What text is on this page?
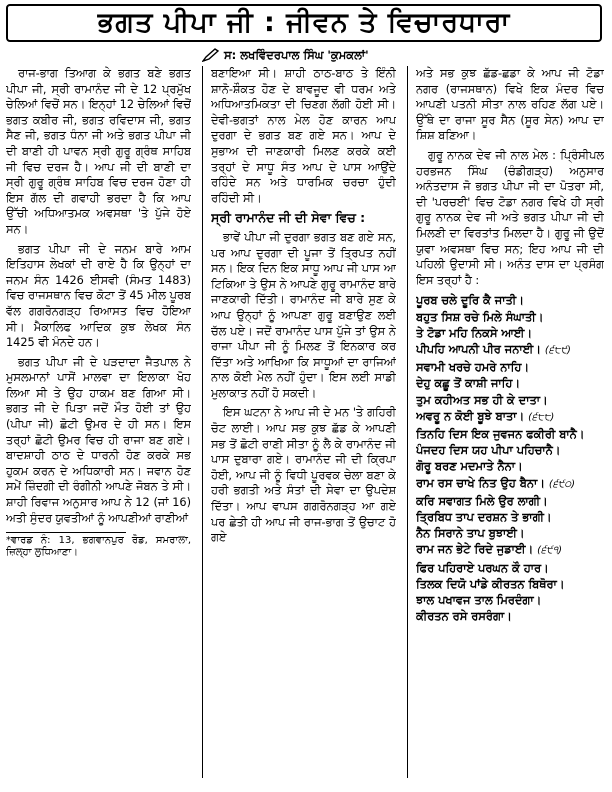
ਭਗਤ ਪੀਪਾ ਜੀ : ਜੀਵਨ ਤੇ ਵਿਚਾਰਧਾਰਾ
ਸ: ਲਖਵਿੰਦਰਪਾਲ ਸਿੰਘ 'ਕੁਮਕਲਾਂ'

ਰਾਜ-ਭਾਗ ਤਿਆਗ ਕੇ ਭਗਤ ਬਣੇ ਭਗਤ ਪੀਪਾ ਜੀ, ਸ੍ਰੀ ਰਾਮਾਨੰਦ ਜੀ ਦੇ 12 ਪ੍ਰਮੁੱਖ ਚੇਲਿਆਂ ਵਿਚੋਂ ਸਨ। ਇਨ੍ਹਾਂ 12 ਚੇਲਿਆਂ ਵਿਚੋਂ ਭਗਤ ਕਬੀਰ ਜੀ, ਭਗਤ ਰਵਿਦਾਸ ਜੀ, ਭਗਤ ਸੈਣ ਜੀ, ਭਗਤ ਧੰਨਾ ਜੀ ਅਤੇ ਭਗਤ ਪੀਪਾ ਜੀ ਦੀ ਬਾਣੀ ਹੀ ਪਾਵਨ ਸ੍ਰੀ ਗੁਰੂ ਗ੍ਰੰਥ ਸਾਹਿਬ ਜੀ ਵਿਚ ਦਰਜ ਹੈ। ਆਪ ਜੀ ਦੀ ਬਾਣੀ ਦਾ ਸ੍ਰੀ ਗੁਰੂ ਗ੍ਰੰਥ ਸਾਹਿਬ ਵਿਚ ਦਰਜ ਹੋਣਾ ਹੀ ਇਸ ਗੱਲ ਦੀ ਗਵਾਹੀ ਭਰਦਾ ਹੈ ਕਿ ਆਪ ਉੱਚੀ ਅਧਿਆਤਮਕ ਅਵਸਥਾ 'ਤੇ ਪੁੱਜੇ ਹੋਏ ਸਨ।

ਭਗਤ ਪੀਪਾ ਜੀ ਦੇ ਜਨਮ ਬਾਰੇ ਆਮ ਇਤਿਹਾਸ ਲੇਖਕਾਂ ਦੀ ਰਾਏ ਹੈ ਕਿ ਉਨ੍ਹਾਂ ਦਾ ਜਨਮ ਸੰਨ 1426 ਈਸਵੀ (ਸੰਮਤ 1483) ਵਿਚ ਰਾਜਸਥਾਨ ਵਿਚ ਕੋਟਾ ਤੋਂ 45 ਮੀਲ ਪੂਰਬ ਵੱਲ ਗਗਰੋਨਗੜ੍ਹ ਰਿਆਸਤ ਵਿਚ ਹੋਇਆ ਸੀ। ਮੈਕਾਲਿਫ ਆਦਿਕ ਕੁਝ ਲੇਖਕ ਸੰਨ 1425 ਵੀ ਮੰਨਦੇ ਹਨ।

ਭਗਤ ਪੀਪਾ ਜੀ ਦੇ ਪੜਦਾਦਾ ਜੈਤਪਾਲ ਨੇ ਮੁਸਲਮਾਨਾਂ ਪਾਸੋਂ ਮਾਲਵਾ ਦਾ ਇਲਾਕਾ ਖੋਹ ਲਿਆ ਸੀ ਤੇ ਉਹ ਹਾਕਮ ਬਣ ਗਿਆ ਸੀ। ਭਗਤ ਜੀ ਦੇ ਪਿਤਾ ਜਦੋਂ ਮੌਤ ਹੋਈ ਤਾਂ ਉਹ (ਪੀਪਾ ਜੀ) ਛੋਟੀ ਉਮਰ ਦੇ ਹੀ ਸਨ। ਇਸ ਤਰ੍ਹਾਂ ਛੋਟੀ ਉਮਰ ਵਿਚ ਹੀ ਰਾਜਾ ਬਣ ਗਏ। ਬਾਦਸ਼ਾਹੀ ਠਾਠ ਦੇ ਧਾਰਨੀ ਹੋਣ ਕਰਕੇ ਸਭ ਹੁਕਮ ਕਰਨ ਦੇ ਅਧਿਕਾਰੀ ਸਨ। ਜਵਾਨ ਹੋਣ ਸਮੇਂ ਜ਼ਿੰਦਗੀ ਦੀ ਰੰਗੀਨੀ ਆਪਣੇ ਜੋਬਨ ਤੇ ਸੀ। ਸ਼ਾਹੀ ਰਿਵਾਜ ਅਨੁਸਾਰ ਆਪ ਨੇ 12 (ਜਾਂ 16) ਅਤੀ ਸੁੰਦਰ ਯੁਵਤੀਆਂ ਨੂੰ ਆਪਣੀਆਂ ਰਾਣੀਆਂ

*ਵਾਰਡ ਨੰ: 13, ਭਗਵਾਨਪੁਰ ਰੋਡ, ਸਮਰਾਲਾ, ਜ਼ਿਲ੍ਹਾ ਲੁਧਿਆਣਾ।

ਬਣਾਇਆ ਸੀ। ਸ਼ਾਹੀ ਠਾਠ-ਬਾਠ ਤੇ ਇੰਨੀ ਸ਼ਾਨੋ-ਸ਼ੌਕਤ ਹੋਣ ਦੇ ਬਾਵਜੂਦ ਵੀ ਧਰਮ ਅਤੇ ਅਧਿਆਤਮਿਕਤਾ ਦੀ ਚਿਣਗ ਲੱਗੀ ਹੋਈ ਸੀ। ਦੇਵੀ-ਭਗਤਾਂ ਨਾਲ ਮੇਲ ਹੋਣ ਕਾਰਨ ਆਪ ਦੁਰਗਾ ਦੇ ਭਗਤ ਬਣ ਗਏ ਸਨ। ਆਪ ਦੇ ਸੁਭਾਅ ਦੀ ਜਾਣਕਾਰੀ ਮਿਲਣ ਕਰਕੇ ਕਈ ਤਰ੍ਹਾਂ ਦੇ ਸਾਧੂ ਸੰਤ ਆਪ ਦੇ ਪਾਸ ਆਉਂਦੇ ਰਹਿੰਦੇ ਸਨ ਅਤੇ ਧਾਰਮਿਕ ਚਰਚਾ ਹੁੰਦੀ ਰਹਿੰਦੀ ਸੀ।

ਸ੍ਰੀ ਰਾਮਾਨੰਦ ਜੀ ਦੀ ਸੇਵਾ ਵਿਚ :

ਭਾਵੇਂ ਪੀਪਾ ਜੀ ਦੁਰਗਾ ਭਗਤ ਬਣ ਗਏ ਸਨ, ਪਰ ਆਪ ਦੁਰਗਾ ਦੀ ਪੂਜਾ ਤੋਂ ਤ੍ਰਿਪਤ ਨਹੀਂ ਸਨ। ਇਕ ਦਿਨ ਇਕ ਸਾਧੂ ਆਪ ਜੀ ਪਾਸ ਆ ਟਿਕਿਆ ਤੇ ਉਸ ਨੇ ਆਪਣੇ ਗੁਰੂ ਰਾਮਾਨੰਦ ਬਾਰੇ ਜਾਣਕਾਰੀ ਦਿੱਤੀ। ਰਾਮਾਨੰਦ ਜੀ ਬਾਰੇ ਸੁਣ ਕੇ ਆਪ ਉਨ੍ਹਾਂ ਨੂੰ ਆਪਣਾ ਗੁਰੂ ਬਣਾਉਣ ਲਈ ਚੱਲ ਪਏ। ਜਦੋਂ ਰਾਮਾਨੰਦ ਪਾਸ ਪੁੱਜੇ ਤਾਂ ਉਸ ਨੇ ਰਾਜਾ ਪੀਪਾ ਜੀ ਨੂੰ ਮਿਲਣ ਤੋਂ ਇਨਕਾਰ ਕਰ ਦਿੱਤਾ ਅਤੇ ਆਖਿਆ ਕਿ ਸਾਧੂਆਂ ਦਾ ਰਾਜਿਆਂ ਨਾਲ ਕੋਈ ਮੇਲ ਨਹੀਂ ਹੁੰਦਾ। ਇਸ ਲਈ ਸਾਡੀ ਮੁਲਾਕਾਤ ਨਹੀਂ ਹੋ ਸਕਦੀ।

ਇਸ ਘਟਨਾ ਨੇ ਆਪ ਜੀ ਦੇ ਮਨ 'ਤੇ ਗਹਿਰੀ ਚੋਟ ਲਾਈ। ਆਪ ਸਭ ਕੁਝ ਛੱਡ ਕੇ ਆਪਣੀ ਸਭ ਤੋਂ ਛੋਟੀ ਰਾਣੀ ਸੀਤਾ ਨੂੰ ਲੈ ਕੇ ਰਾਮਾਨੰਦ ਜੀ ਪਾਸ ਦੁਬਾਰਾ ਗਏ। ਰਾਮਾਨੰਦ ਜੀ ਦੀ ਕ੍ਰਿਪਾ ਹੋਈ, ਆਪ ਜੀ ਨੂੰ ਵਿਧੀ ਪੂਰਵਕ ਚੇਲਾ ਬਣਾ ਕੇ ਹਰੀ ਭਗਤੀ ਅਤੇ ਸੰਤਾਂ ਦੀ ਸੇਵਾ ਦਾ ਉਪਦੇਸ਼ ਦਿੱਤਾ। ਆਪ ਵਾਪਸ ਗਗਰੋਨਗੜ੍ਹ ਆ ਗਏ ਪਰ ਛੇਤੀ ਹੀ ਆਪ ਜੀ ਰਾਜ-ਭਾਗ ਤੋਂ ਉਚਾਟ ਹੋ ਗਏ

ਅਤੇ ਸਭ ਕੁਝ ਛੱਡ-ਛਡਾ ਕੇ ਆਪ ਜੀ ਟੋਡਾ ਨਗਰ (ਰਾਜਸਥਾਨ) ਵਿਖੇ ਇਕ ਮੰਦਰ ਵਿਚ ਆਪਣੀ ਪਤਨੀ ਸੀਤਾ ਨਾਲ ਰਹਿਣ ਲੱਗ ਪਏ। ਉੱਥੇ ਦਾ ਰਾਜਾ ਸੂਰ ਸੈਨ (ਸੂਰ ਸੇਨ) ਆਪ ਦਾ ਸ਼ਿਸ਼ ਬਣਿਆ।

ਗੁਰੂ ਨਾਨਕ ਦੇਵ ਜੀ ਨਾਲ ਮੇਲ : ਪ੍ਰਿੰਸੀਪਲ ਹਰਭਜਨ ਸਿੰਘ (ਚੰਡੀਗੜ੍ਹ) ਅਨੁਸਾਰ ਅਨੰਤਦਾਸ ਜੋ ਭਗਤ ਪੀਪਾ ਜੀ ਦਾ ਪੋਤਰਾ ਸੀ, ਦੀ 'ਪਰਚਈ' ਵਿਚ ਟੋਡਾ ਨਗਰ ਵਿਖੇ ਹੀ ਸ੍ਰੀ ਗੁਰੂ ਨਾਨਕ ਦੇਵ ਜੀ ਅਤੇ ਭਗਤ ਪੀਪਾ ਜੀ ਦੀ ਮਿਲਣੀ ਦਾ ਵਿਰਤਾਂਤ ਮਿਲਦਾ ਹੈ। ਗੁਰੂ ਜੀ ਉਦੋਂ ਯੁਵਾ ਅਵਸਥਾ ਵਿਚ ਸਨ; ਇਹ ਆਪ ਜੀ ਦੀ ਪਹਿਲੀ ਉਦਾਸੀ ਸੀ। ਅਨੰਤ ਦਾਸ ਦਾ ਪ੍ਰਸੰਗ ਇਸ ਤਰ੍ਹਾਂ ਹੈ :

ਪੂਰਬ ਚਲੇ ਦੂਰਿ ਕੈ ਜਾਤੀ।
ਬਹੁਤ ਸਿਸ਼ ਰਚੇ ਮਿਲੇ ਸੰਘਾਤੀ।
ਤੇ ਟੋਡਾ ਮਹਿ ਨਿਕਸੇ ਆਈ।
ਪੀਪਹਿ ਆਪਨੀ ਪੀਰ ਜਨਾਈ। (੬੮੯)
ਸਵਾਮੀ ਖਰਚੇ ਹਮਰੇ ਨਾਹਿ।
ਦੇਹੁ ਕਛੂ ਤੋਂ ਕਾਸ਼ੀ ਜਾਹਿ।
ਤੁਮ ਕਹੀਅਤ ਸਭ ਹੀ ਕੇ ਦਾਤਾ।
ਅਵਰੂ ਨ ਕੋਈ ਬੂਝੇ ਬਾਤਾ। (੬੮੮)
ਤਿਨਹਿ ਦਿਸ ਇਕ ਜੁਵਜਨ ਫਕੀਰੀ ਬਾਨੈ।
ਪੰਜਦਹ ਦਿਸ ਯਹ ਪੀਪਾ ਪਹਿਚਾਨੈ।
ਗੋਰੂ ਬਰਣ ਮਦਮਾਤੇ ਨੈਨਾ।
ਰਾਮ ਰਸ ਚਾਖੇ ਨਿਤ ਉਹ ਬੈਨਾ। (੬੯੦)
ਕਰਿ ਸਵਾਗਤ ਮਿਲੇ ਉਰ ਲਾਗੀ।
ਤ੍ਰਿਬਿਧ ਤਾਪ ਦਰਸ਼ਨ ਤੇ ਭਾਗੀ।
ਨੈਨ ਸਿਰਾਨੇ ਤਾਪ ਬੁਝਾਈ।
ਰਾਮ ਜਨ ਭੇਟੇ ਰਿਦੇ ਜੁਡਾਈ। (੬੯੧)
ਫਿਰ ਪਹਿਰਾਏ ਪਰਘਨ ਕੌ ਹਾਰ।
ਤਿਲਕ ਦਿਯੋ ਪਾਂਡੇ ਕੀਰਤਨ ਬਿਥੋਰਾ।
ਝਾਲ ਪਖਾਵਜ ਤਾਲ ਮਿਰਦੰਗਾ।
ਕੀਰਤਨ ਰਸੇ ਰਸਰੰਗਾ।
